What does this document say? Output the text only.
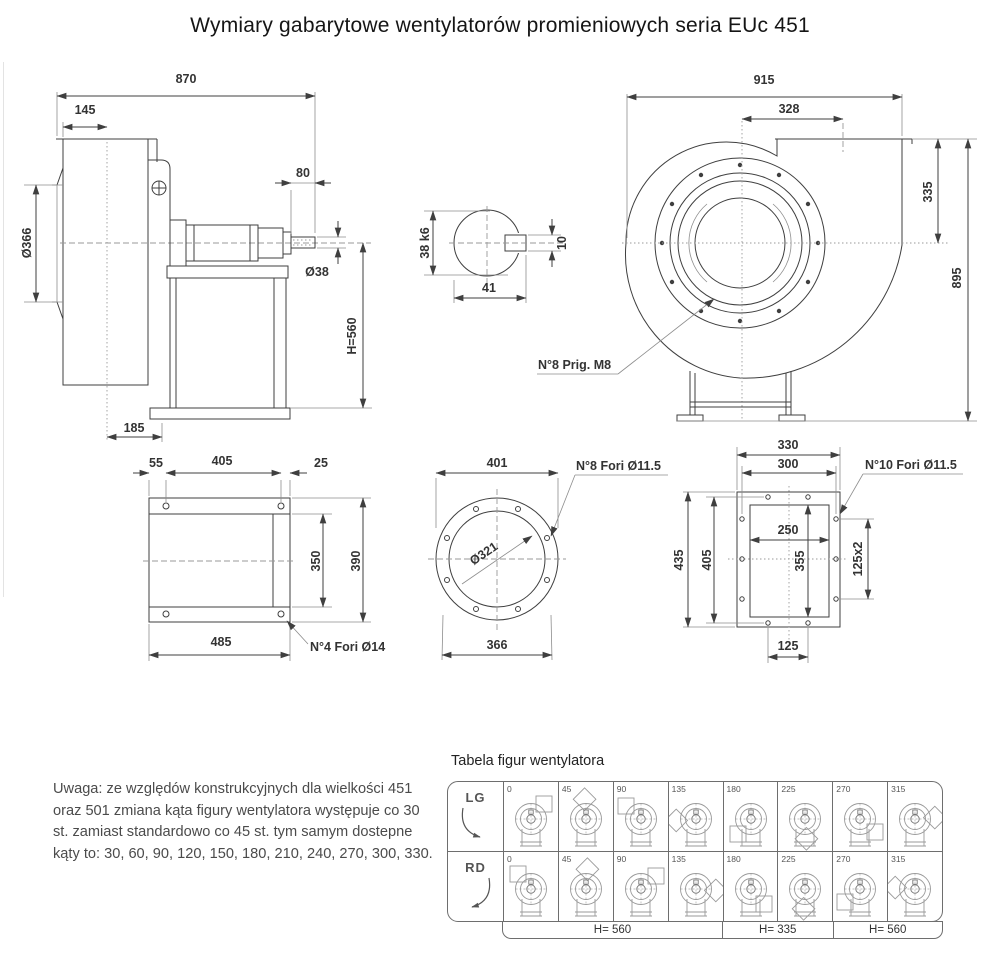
Wymiary gabarytowe wentylatorów promieniowych seria EUc 451
870
145
80
Ø366
Ø38
H=560
185
38 k6	10
41
915
328
335
895
N°8 Prig. M8
55	405	25
350 390
485	N°4 Fori Ø14
401
Ø321
366
N°8 Fori Ø11.5
330
300
435 405
250
355	125x2
125
N°10 Fori Ø11.5
Uwaga: ze względów konstrukcyjnych dla wielkości 451 oraz 501 zmiana kąta figury wentylatora występuje co 30 st. zamiast standardowo co 45 st. tym samym dostepne kąty to: 30, 60, 90, 120, 150, 180, 210, 240, 270, 300, 330.
Tabela figur wentylatora
LG
0	45	90	135	180	225	270	315
RD
0	45	90	135	180	225	270	315
H= 560	H= 335	H= 560
